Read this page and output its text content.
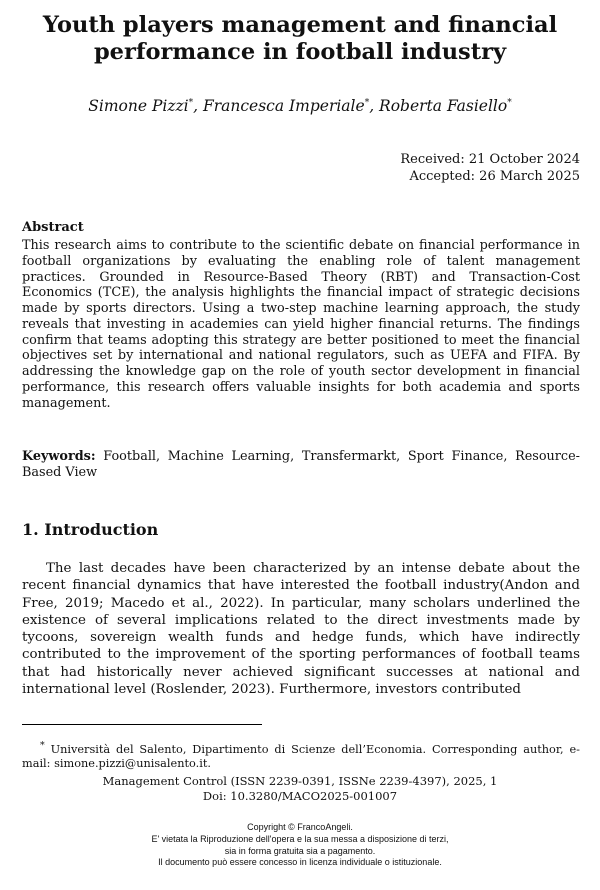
Youth players management and financial
performance in football industry
Simone Pizzi*, Francesca Imperiale*, Roberta Fasiello*
Received: 21 October 2024
Accepted: 26 March 2025
Abstract
This research aims to contribute to the scientific debate on financial performance in football organizations by evaluating the enabling role of talent management practices. Grounded in Resource-Based Theory (RBT) and Transaction-Cost Economics (TCE), the analysis highlights the financial impact of strategic decisions made by sports directors. Using a two-step machine learning approach, the study reveals that investing in academies can yield higher financial returns. The findings confirm that teams adopting this strategy are better positioned to meet the financial objectives set by international and national regulators, such as UEFA and FIFA. By addressing the knowledge gap on the role of youth sector development in financial performance, this research offers valuable insights for both academia and sports management.
Keywords: Football, Machine Learning, Transfermarkt, Sport Finance, Resource-Based View
1. Introduction
The last decades have been characterized by an intense debate about the recent financial dynamics that have interested the football industry(Andon and Free, 2019; Macedo et al., 2022). In particular, many scholars underlined the existence of several implications related to the direct investments made by tycoons, sovereign wealth funds and hedge funds, which have indirectly contributed to the improvement of the sporting performances of football teams that had historically never achieved significant successes at national and international level (Roslender, 2023). Furthermore, investors contributed
* Università del Salento, Dipartimento di Scienze dell’Economia. Corresponding author, e-mail: simone.pizzi@unisalento.it.
Management Control (ISSN 2239-0391, ISSNe 2239-4397), 2025, 1
Doi: 10.3280/MACO2025-001007
Copyright © FrancoAngeli.
E' vietata la Riproduzione dell'opera e la sua messa a disposizione di terzi,
sia in forma gratuita sia a pagamento.
Il documento può essere concesso in licenza individuale o istituzionale.
